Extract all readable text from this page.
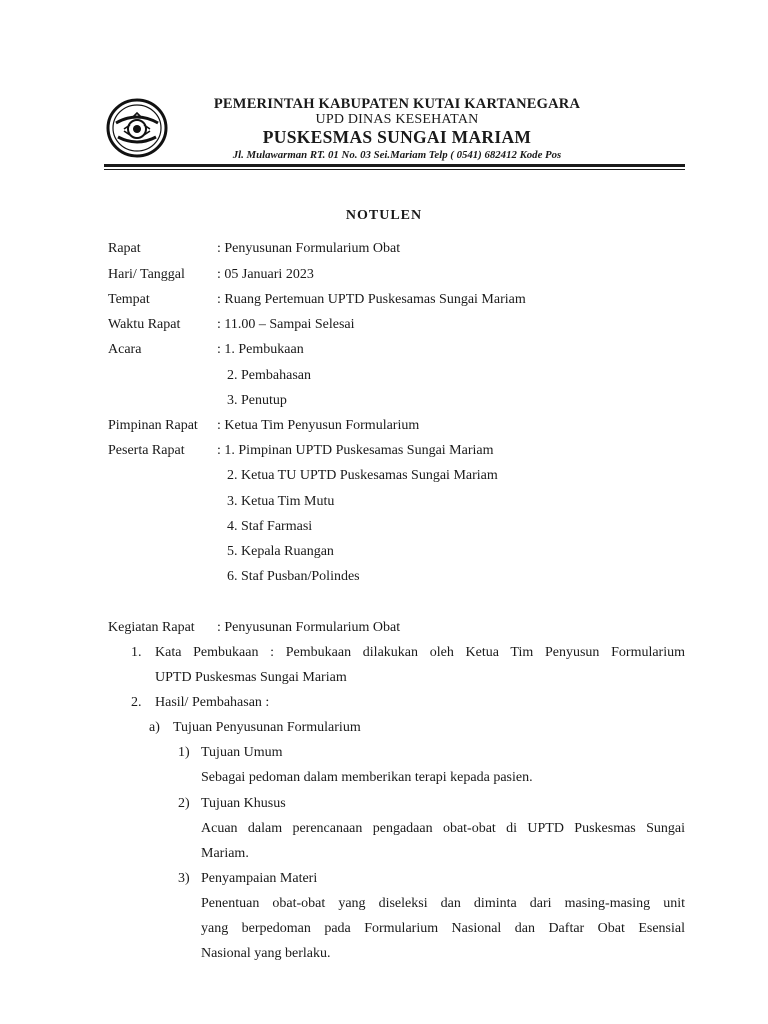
PEMERINTAH KABUPATEN KUTAI KARTANEGARA
UPD DINAS KESEHATAN
PUSKESMAS SUNGAI MARIAM
Jl. Mulawarman RT. 01 No. 03 Sei.Mariam Telp ( 0541) 682412 Kode Pos
NOTULEN
Rapat	: Penyusunan Formularium Obat
Hari/ Tanggal : 05 Januari 2023
Tempat	: Ruang Pertemuan UPTD Puskesamas Sungai Mariam
Waktu Rapat	: 11.00 – Sampai Selesai
Acara	: 1. Pembukaan
2. Pembahasan
3. Penutup
Pimpinan Rapat : Ketua Tim Penyusun Formularium
Peserta Rapat : 1. Pimpinan UPTD Puskesamas Sungai Mariam
2. Ketua TU UPTD Puskesamas Sungai Mariam
3. Ketua Tim Mutu
4. Staf Farmasi
5. Kepala Ruangan
6. Staf Pusban/Polindes
Kegiatan Rapat : Penyusunan Formularium Obat
1. Kata Pembukaan : Pembukaan dilakukan oleh Ketua Tim Penyusun Formularium
UPTD Puskesmas Sungai Mariam
2. Hasil/ Pembahasan :
a) Tujuan Penyusunan Formularium
1) Tujuan Umum
Sebagai pedoman dalam memberikan terapi kepada pasien.
2) Tujuan Khusus
Acuan dalam perencanaan pengadaan obat-obat di UPTD Puskesmas Sungai
Mariam.
3) Penyampaian Materi
Penentuan obat-obat yang diseleksi dan diminta dari masing-masing unit
yang berpedoman pada Formularium Nasional dan Daftar Obat Esensial
Nasional yang berlaku.
